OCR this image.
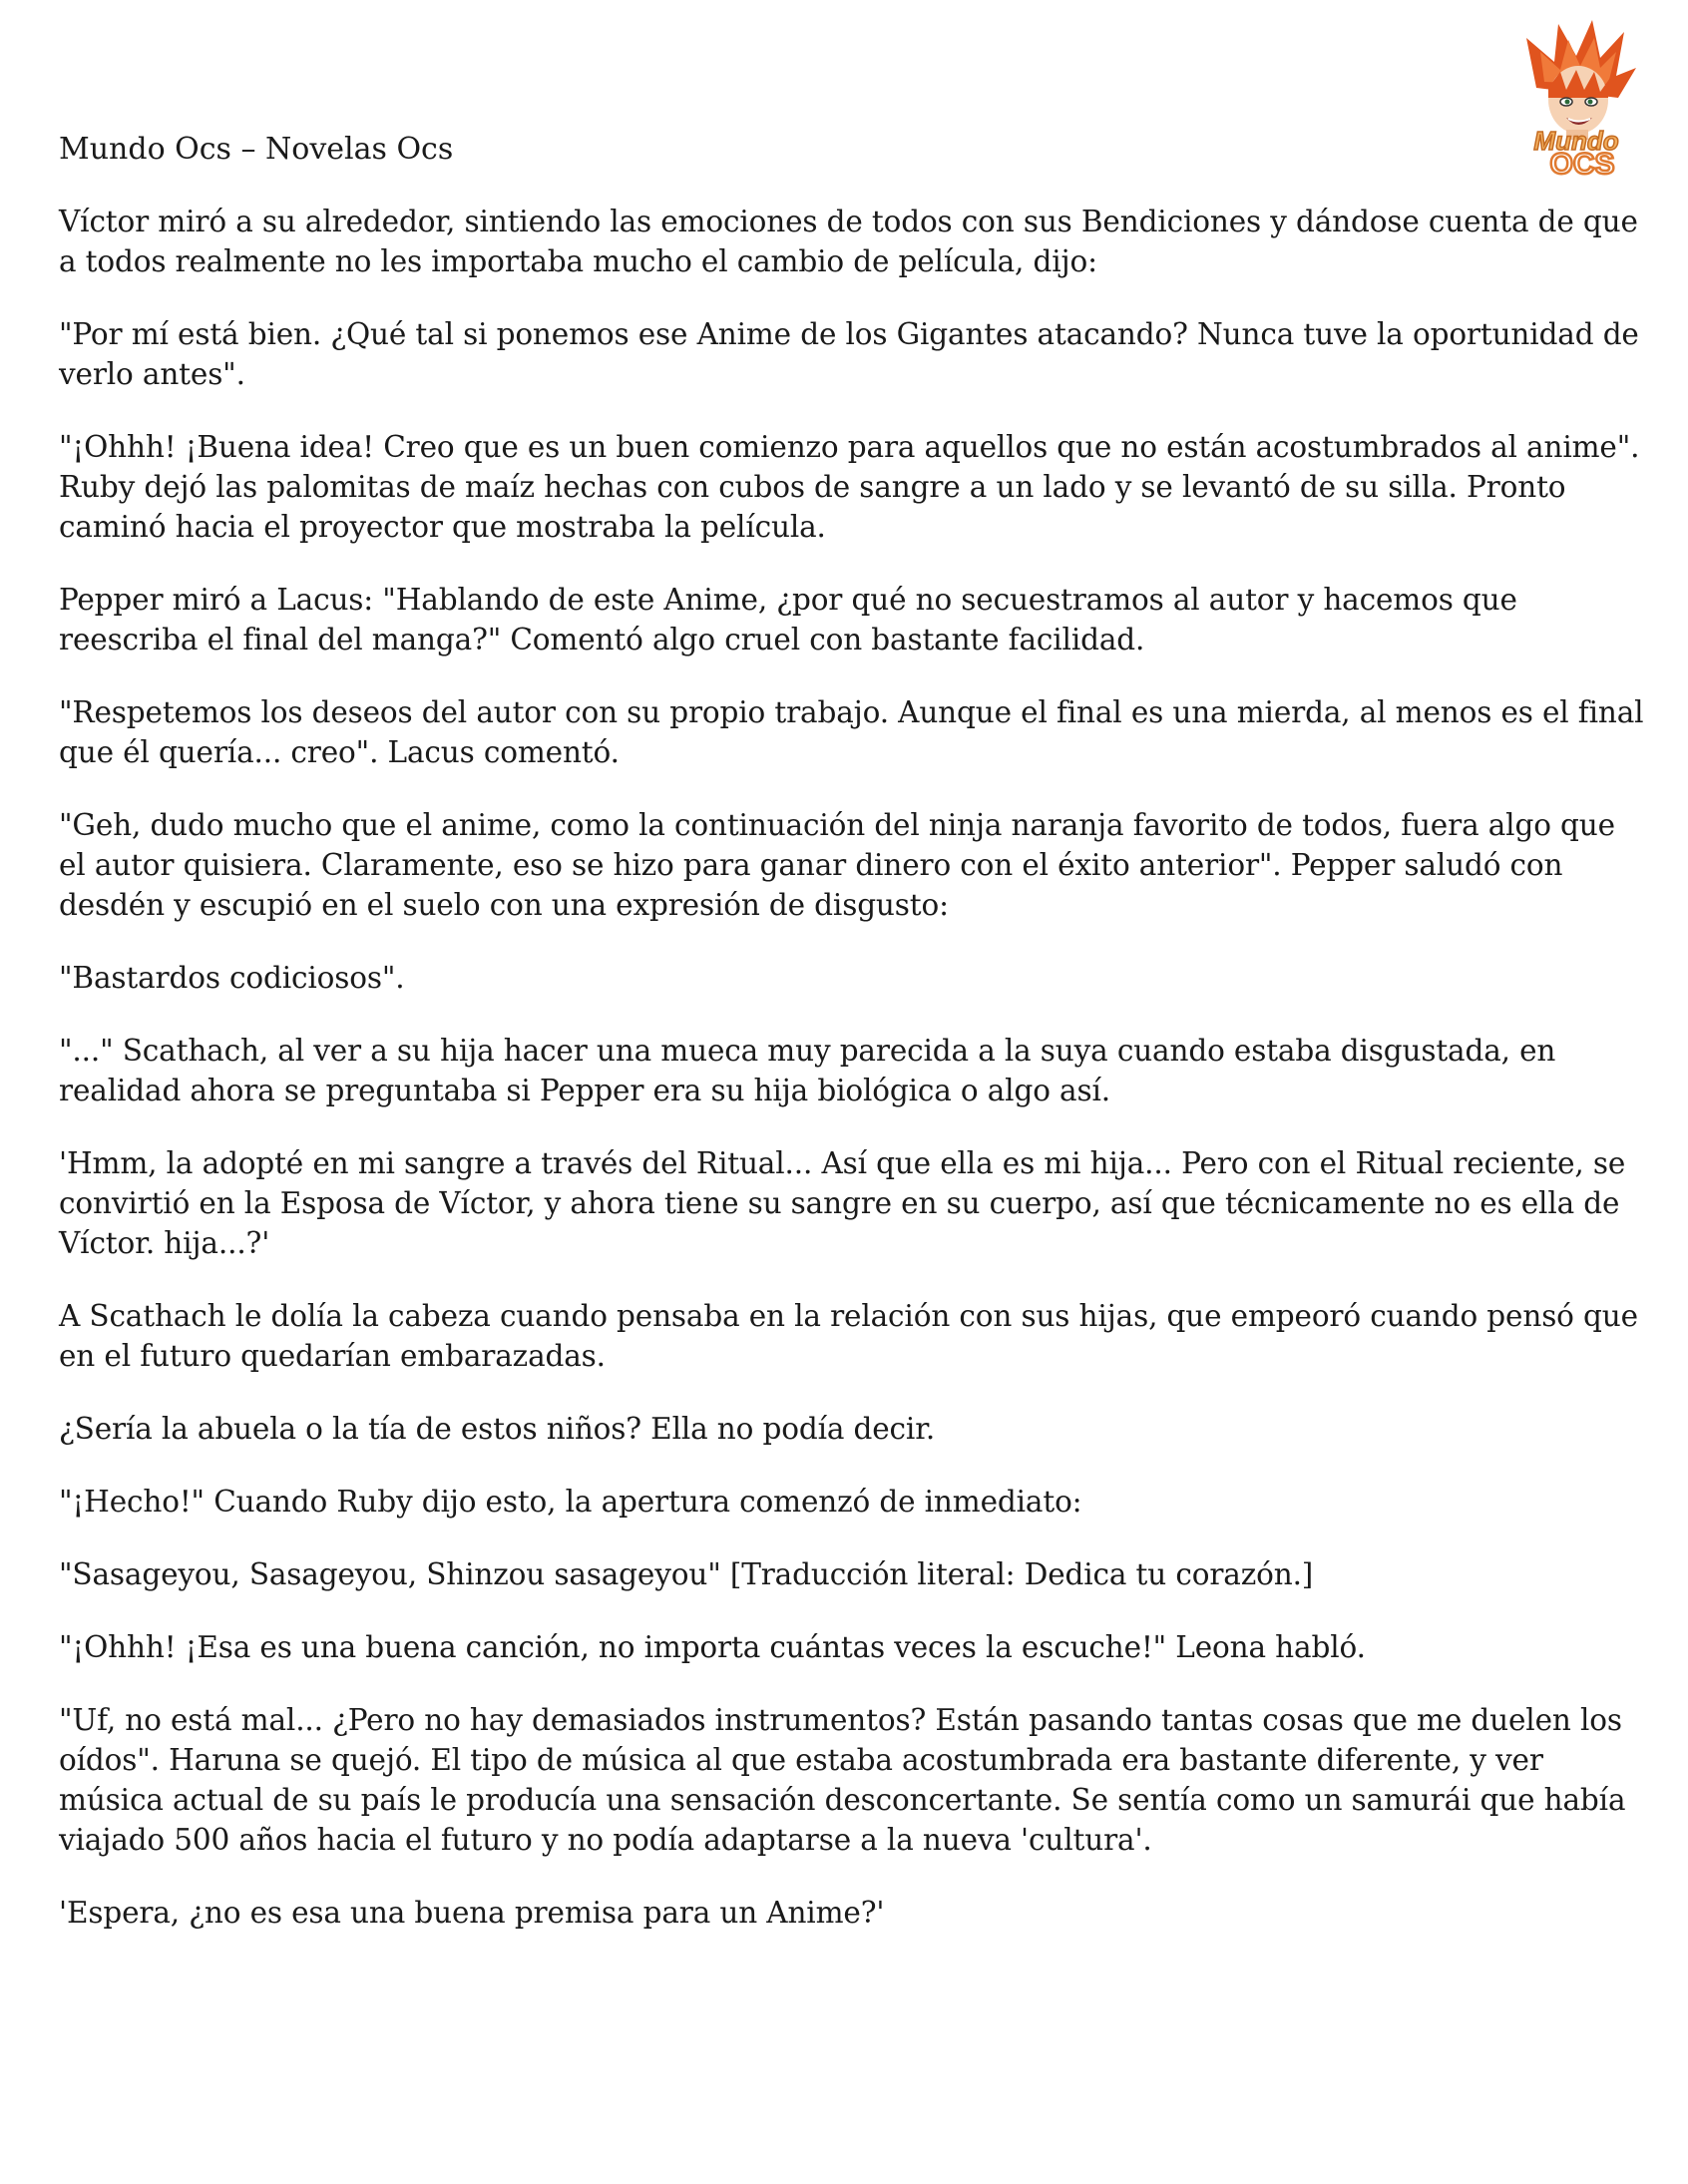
Mundo
OCS
Mundo Ocs – Novelas Ocs

Víctor miró a su alrededor, sintiendo las emociones de todos con sus Bendiciones y dándose cuenta de que a todos realmente no les importaba mucho el cambio de película, dijo:

"Por mí está bien. ¿Qué tal si ponemos ese Anime de los Gigantes atacando? Nunca tuve la oportunidad de verlo antes".

"¡Ohhh! ¡Buena idea! Creo que es un buen comienzo para aquellos que no están acostumbrados al anime". Ruby dejó las palomitas de maíz hechas con cubos de sangre a un lado y se levantó de su silla. Pronto caminó hacia el proyector que mostraba la película.

Pepper miró a Lacus: "Hablando de este Anime, ¿por qué no secuestramos al autor y hacemos que reescriba el final del manga?" Comentó algo cruel con bastante facilidad.

"Respetemos los deseos del autor con su propio trabajo. Aunque el final es una mierda, al menos es el final que él quería... creo". Lacus comentó.

"Geh, dudo mucho que el anime, como la continuación del ninja naranja favorito de todos, fuera algo que el autor quisiera. Claramente, eso se hizo para ganar dinero con el éxito anterior". Pepper saludó con desdén y escupió en el suelo con una expresión de disgusto:

"Bastardos codiciosos".

"..." Scathach, al ver a su hija hacer una mueca muy parecida a la suya cuando estaba disgustada, en realidad ahora se preguntaba si Pepper era su hija biológica o algo así.

'Hmm, la adopté en mi sangre a través del Ritual... Así que ella es mi hija... Pero con el Ritual reciente, se convirtió en la Esposa de Víctor, y ahora tiene su sangre en su cuerpo, así que técnicamente no es ella de Víctor. hija...?'

A Scathach le dolía la cabeza cuando pensaba en la relación con sus hijas, que empeoró cuando pensó que en el futuro quedarían embarazadas.

¿Sería la abuela o la tía de estos niños? Ella no podía decir.

"¡Hecho!" Cuando Ruby dijo esto, la apertura comenzó de inmediato:

"Sasageyou, Sasageyou, Shinzou sasageyou" [Traducción literal: Dedica tu corazón.]

"¡Ohhh! ¡Esa es una buena canción, no importa cuántas veces la escuche!" Leona habló.

"Uf, no está mal... ¿Pero no hay demasiados instrumentos? Están pasando tantas cosas que me duelen los oídos". Haruna se quejó. El tipo de música al que estaba acostumbrada era bastante diferente, y ver música actual de su país le producía una sensación desconcertante. Se sentía como un samurái que había viajado 500 años hacia el futuro y no podía adaptarse a la nueva 'cultura'.

'Espera, ¿no es esa una buena premisa para un Anime?'
